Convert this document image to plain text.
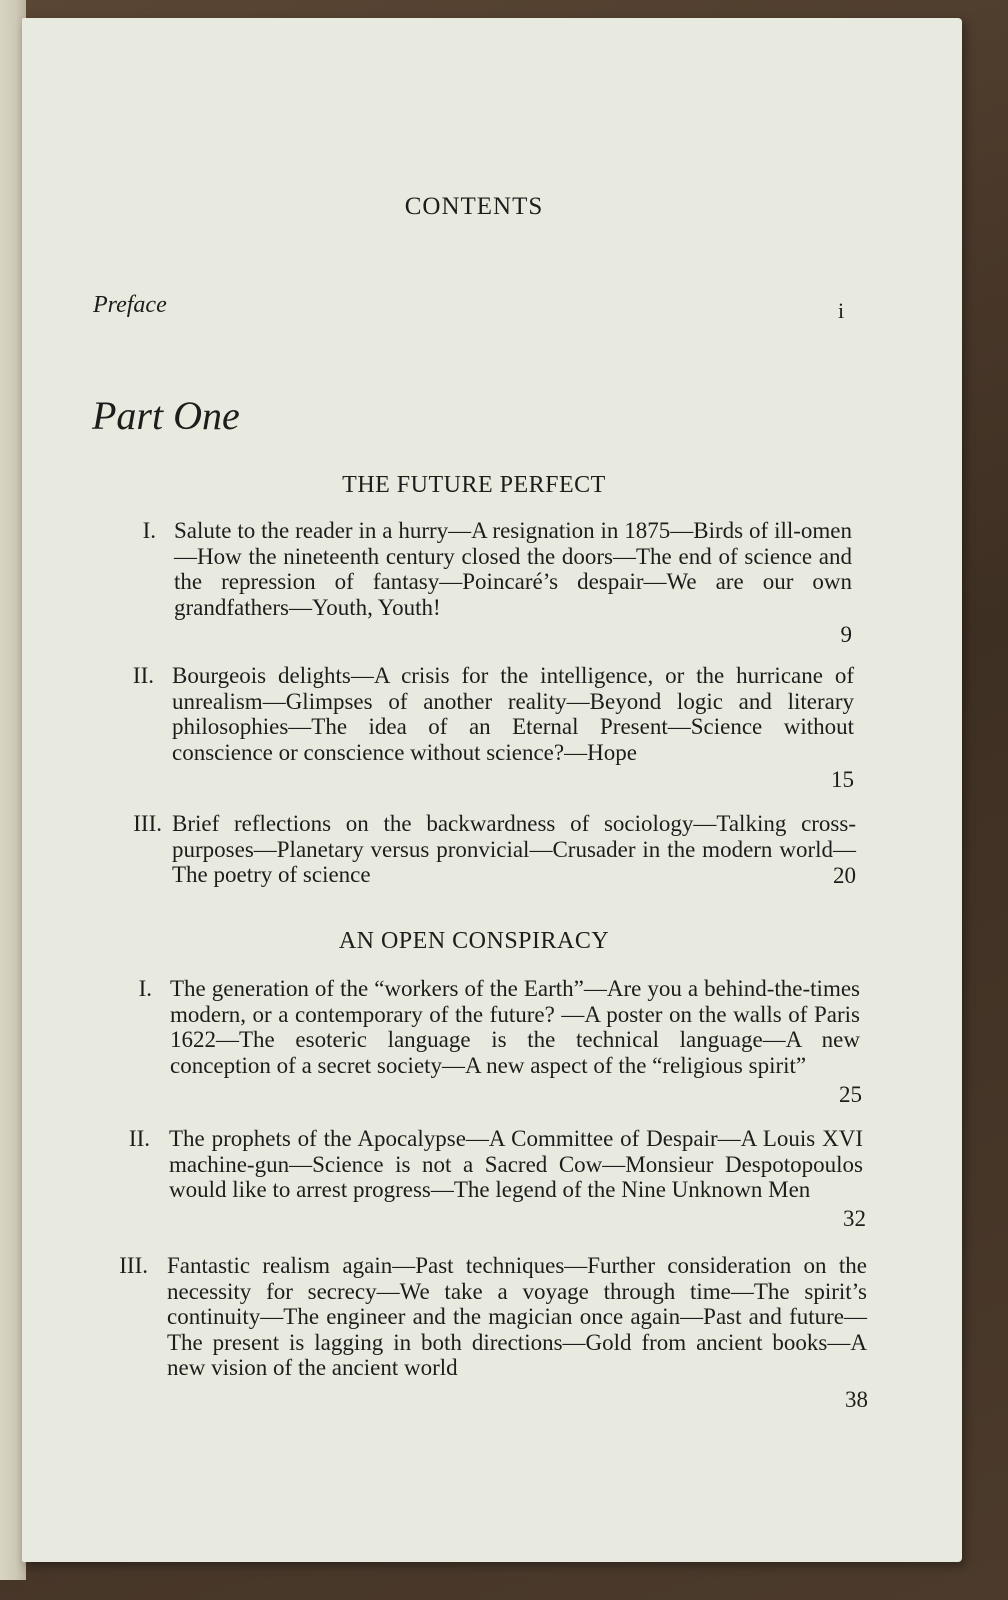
CONTENTS
Preface	i
Part One
THE FUTURE PERFECT
I. Salute to the reader in a hurry—A resignation in 1875—Birds of ill-omen—How the nineteenth century closed the doors—The end of science and the repression of fantasy—Poincaré’s despair—We are our own grandfathers—Youth, Youth!
9
II. Bourgeois delights—A crisis for the intelligence, or the hurricane of unrealism—Glimpses of another reality—Beyond logic and literary philosophies—The idea of an Eternal Present—Science without conscience or conscience without science?—Hope
15
III. Brief reflections on the backwardness of sociology—Talking cross-purposes—Planetary versus pronvicial—Crusader in the modern world—The poetry of science	20
AN OPEN CONSPIRACY
I. The generation of the “workers of the Earth”—Are you a behind-the-times modern, or a contemporary of the future? —A poster on the walls of Paris 1622—The esoteric language is the technical language—A new conception of a secret society—A new aspect of the “religious spirit”
25
II. The prophets of the Apocalypse—A Committee of Despair—A Louis XVI machine-gun—Science is not a Sacred Cow—Monsieur Despotopoulos would like to arrest progress—The legend of the Nine Unknown Men
32
III. Fantastic realism again—Past techniques—Further consideration on the necessity for secrecy—We take a voyage through time—The spirit’s continuity—The engineer and the magician once again—Past and future—The present is lagging in both directions—Gold from ancient books—A new vision of the ancient world
38
